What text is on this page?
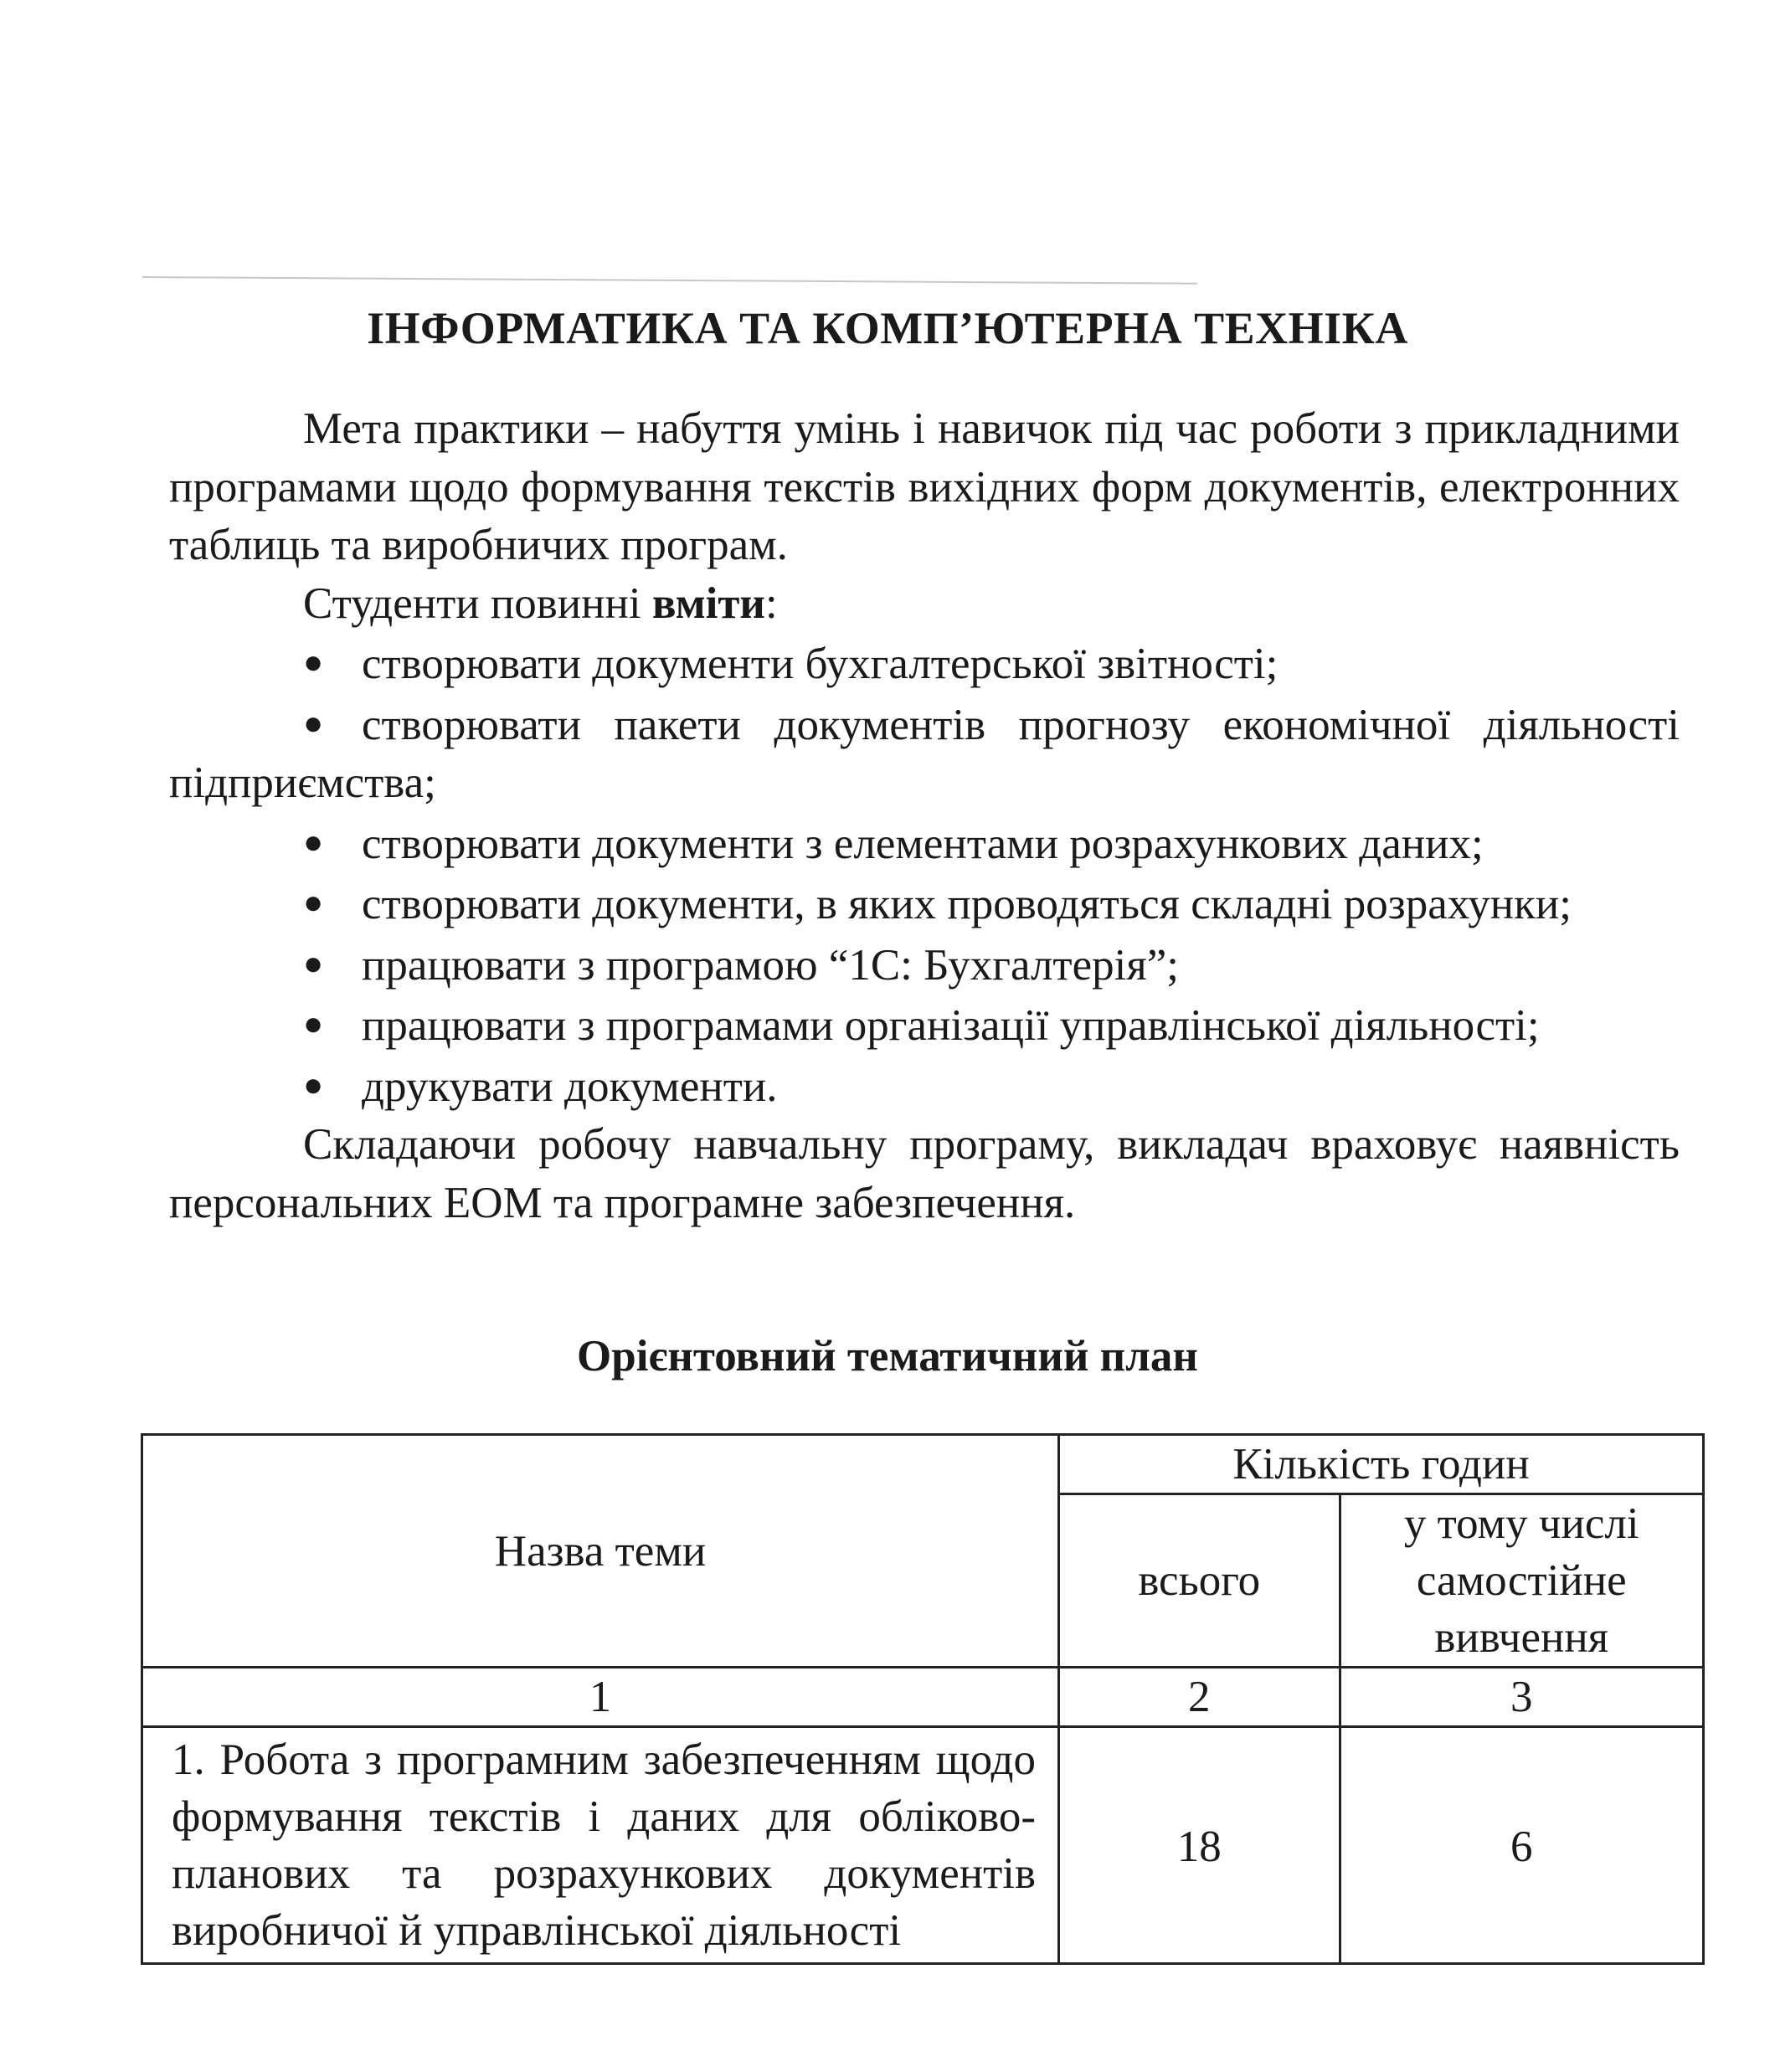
ІНФОРМАТИКА ТА КОМП’ЮТЕРНА ТЕХНІКА

Мета практики – набуття умінь і навичок під час роботи з прикладними програмами щодо формування текстів вихідних форм документів, електронних таблиць та виробничих програм.

Студенти повинні вміти:

● створювати документи бухгалтерської звітності;

● створювати пакети документів прогнозу економічної діяльності підприємства;

● створювати документи з елементами розрахункових даних;

● створювати документи, в яких проводяться складні розрахунки;

● працювати з програмою “1С: Бухгалтерія”;

● працювати з програмами організації управлінської діяльності;

● друкувати документи.

Складаючи робочу навчальну програму, викладач враховує наявність персональних ЕОМ та програмне забезпечення.

Орієнтовний тематичний план
Назва теми	Кількість годин	
	всього	у тому числі
самостійне
вивчення

1	2	3
1. Робота з програмним забезпеченням щодо формування текстів і даних для обліково-планових та розрахункових документів виробничої й управлінської діяльності	18	6
